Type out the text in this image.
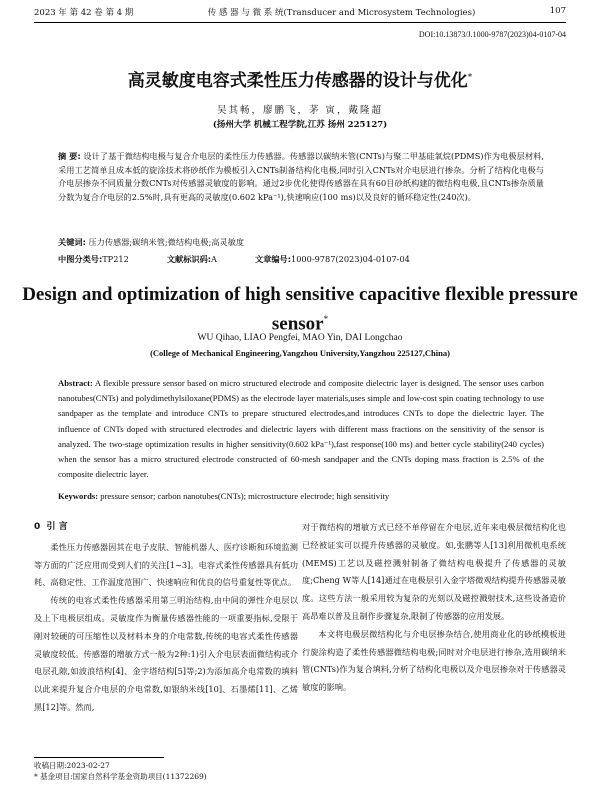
2023 年 第 42 卷 第 4 期	传 感 器 与 微 系 统(Transducer and Microsystem Technologies)	107
DOI:10.13873/J.1000-9787(2023)04-0107-04
高灵敏度电容式柔性压力传感器的设计与优化*
吴其畅，廖鹏飞，茅 寅，戴隆超
(扬州大学 机械工程学院,江苏 扬州 225127)
摘 要: 设计了基于微结构电极与复合介电层的柔性压力传感器。传感器以碳纳米管(CNTs)与聚二甲基硅氧烷(PDMS)作为电极层材料,采用工艺简单且成本低的旋涂技术将砂纸作为模板引入CNTs制备结构化电极,同时引入CNTs对介电层进行掺杂。分析了结构化电极与介电层掺杂不同质量分数CNTs对传感器灵敏度的影响。通过2步优化使得传感器在具有60目砂纸构建的微结构电极,且CNTs掺杂质量分数为复合介电层的2.5%时,具有更高的灵敏度(0.602 kPa⁻¹),快速响应(100 ms)以及良好的循环稳定性(240次)。
关键词: 压力传感器;碳纳米管;微结构电极;高灵敏度
中图分类号:TP212	文献标识码:A	文章编号:1000-9787(2023)04-0107-04
Design and optimization of high sensitive capacitive flexible pressure sensor*
WU Qihao, LIAO Pengfei, MAO Yin, DAI Longchao
(College of Mechanical Engineering,Yangzhou University,Yangzhou 225127,China)
Abstract: A flexible pressure sensor based on micro structured electrode and composite dielectric layer is designed. The sensor uses carbon nanotubes(CNTs) and polydimethylsiloxane(PDMS) as the electrode layer materials,uses simple and low-cost spin coating technology to use sandpaper as the template and introduce CNTs to prepare structured electrodes,and introduces CNTs to dope the dielectric layer. The influence of CNTs doped with structured electrodes and dielectric layers with different mass fractions on the sensitivity of the sensor is analyzed. The two-stage optimization results in higher sensitivity(0.602 kPa⁻¹),fast response(100 ms) and better cycle stability(240 cycles) when the sensor has a micro structured electrode constructed of 60-mesh sandpaper and the CNTs doping mass fraction is 2.5% of the composite dielectric layer.
Keywords: pressure sensor; carbon nanotubes(CNTs); microstructure electrode; high sensitivity
0 引 言

柔性压力传感器因其在电子皮肤、智能机器人、医疗诊断和环境监测等方面的广泛应用而受到人们的关注[1~3]。电容式柔性传感器具有低功耗、高稳定性、工作温度范围广、快速响应和优良的信号重复性等优点。

传统的电容式柔性传感器采用第三明治结构,由中间的弹性介电层以及上下电极层组成。灵敏度作为衡量传感器性能的一项重要指标,受限于刚对较硬的可压缩性以及材料本身的介电常数,传统的电容式柔性传感器灵敏度较低。传感器的增敏方式一般为2种:1)引入介电层表面微结构或介电层孔隙,如波浪结构[4]、金字塔结构[5]等;2)为添加高介电常数的填料以此来提升复合介电层的介电常数,如银纳米线[10]、石墨烯[11]、乙烯黑[12]等。然而,

对于微结构的增敏方式已经不单停留在介电层,近年来电极层微结构化也已经被证实可以提升传感器的灵敏度。如,张鹏等人[13]利用微机电系统(MEMS)工艺以及磁控溅射制备了微结构电极提升了传感器的灵敏度;Cheng W等人[14]通过在电极层引入金字塔微观结构提升传感器灵敏度。这些方法一般采用较为复杂的光刻以及磁控溅射技术,这些设备造价高昂难以普及且制作步骤复杂,限制了传感器的应用发展。

本文将电极层微结构化与介电层掺杂结合,使用商业化的砂纸模板进行旋涂构造了柔性传感器微结构电极;同时对介电层进行掺杂,选用碳纳米管(CNTs)作为复合填料,分析了结构化电极以及介电层掺杂对于传感器灵敏度的影响。

收稿日期:2023-02-27
* 基金项目:国家自然科学基金资助项目(11372269)
